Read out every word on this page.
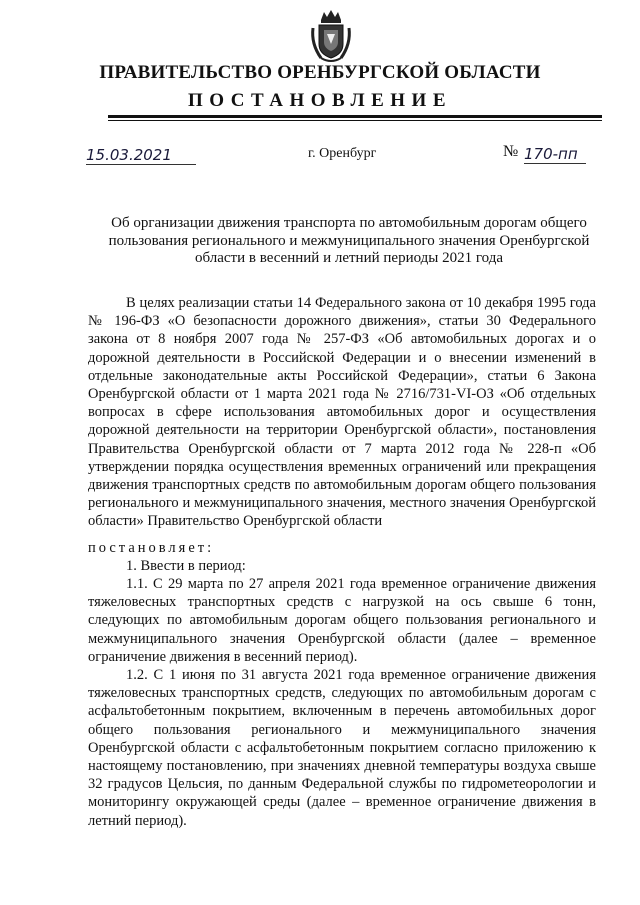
ПРАВИТЕЛЬСТВО ОРЕНБУРГСКОЙ ОБЛАСТИ
ПОСТАНОВЛЕНИЕ
15.03.2021	г. Оренбург	№ 170-пп
Об организации движения транспорта по автомобильным дорогам общего пользования регионального и межмуниципального значения Оренбургской области в весенний и летний периоды 2021 года
В целях реализации статьи 14 Федерального закона от 10 декабря 1995 года № 196-ФЗ «О безопасности дорожного движения», статьи 30 Федерального закона от 8 ноября 2007 года № 257-ФЗ «Об автомобильных дорогах и о дорожной деятельности в Российской Федерации и о внесении изменений в отдельные законодательные акты Российской Федерации», статьи 6 Закона Оренбургской области от 1 марта 2021 года № 2716/731-VI-ОЗ «Об отдельных вопросах в сфере использования автомобильных дорог и осуществления дорожной деятельности на территории Оренбургской области», постановления Правительства Оренбургской области от 7 марта 2012 года № 228-п «Об утверждении порядка осуществления временных ограничений или прекращения движения транспортных средств по автомобильным дорогам общего пользования регионального и межмуниципального значения, местного значения Оренбургской области» Правительство Оренбургской области
постановляет:
1. Ввести в период:
1.1. С 29 марта по 27 апреля 2021 года временное ограничение движения тяжеловесных транспортных средств с нагрузкой на ось свыше 6 тонн, следующих по автомобильным дорогам общего пользования регионального и межмуниципального значения Оренбургской области (далее – временное ограничение движения в весенний период).
1.2. С 1 июня по 31 августа 2021 года временное ограничение движения тяжеловесных транспортных средств, следующих по автомобильным дорогам с асфальтобетонным покрытием, включенным в перечень автомобильных дорог общего пользования регионального и межмуниципального значения Оренбургской области с асфальтобетонным покрытием согласно приложению к настоящему постановлению, при значениях дневной температуры воздуха свыше 32 градусов Цельсия, по данным Федеральной службы по гидрометеорологии и мониторингу окружающей среды (далее – временное ограничение движения в летний период).
